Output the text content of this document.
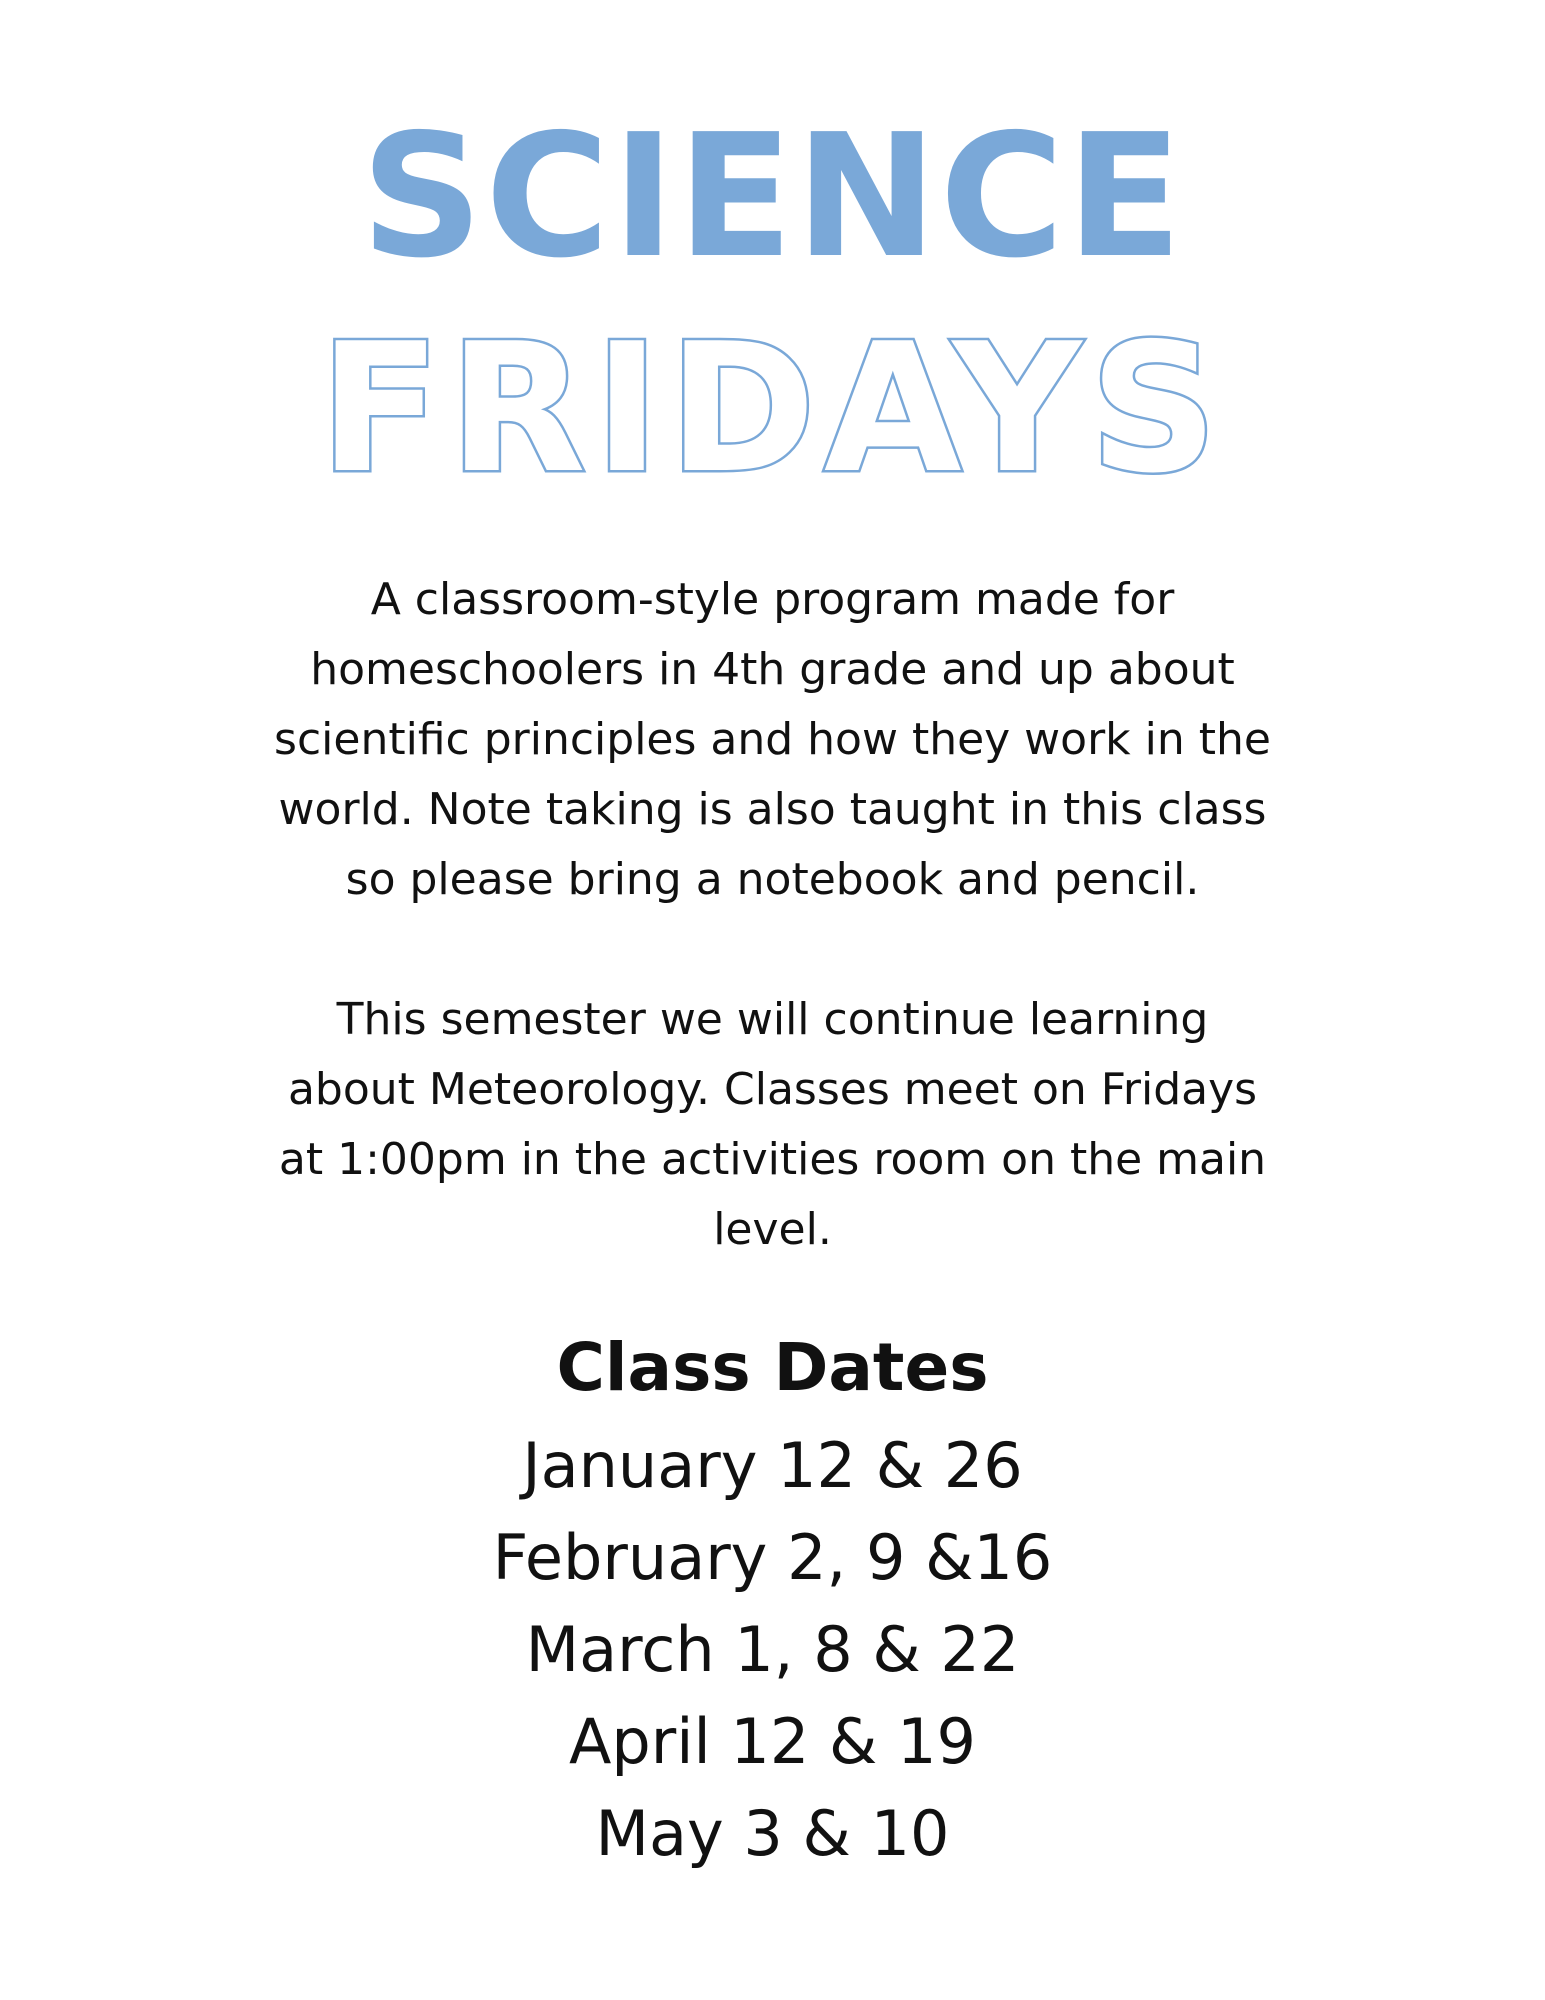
SCIENCE
FRIDAYS

A classroom-style program made for
homeschoolers in 4th grade and up about
scientific principles and how they work in the
world. Note taking is also taught in this class
so please bring a notebook and pencil.

This semester we will continue learning
about Meteorology. Classes meet on Fridays
at 1:00pm in the activities room on the main
level.

Class Dates
January 12 & 26
February 2, 9 &16
March 1, 8 & 22
April 12 & 19
May 3 & 10
